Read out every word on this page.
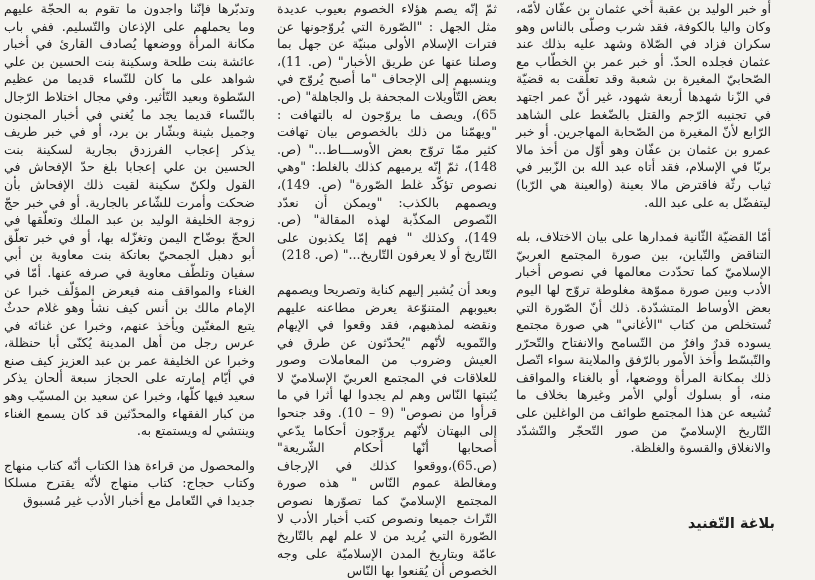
أو خبر الوليد بن عقبة أخي عثمان بن عفّان لأمّه، وكان واليا بالكوفة، فقد شرب وصلّى بالناس وهو سكران فزاد في الصّلاة وشهد عليه بذلك عند عثمان فجلده الحدّ. أو خبر عمر بن الخطّاب مع الصّحابيّ المغيرة بن شعبة وقد تعلّقت به قضيّة في الزّنا شهدها أربعة شهود، غير أنّ عمر اجتهد في تجنيبه الرّجم والقتل بالضّغط على الشاهد الرّابع لأنّ المغيرة من الصّحابة المهاجرين. أو خبر عمرو بن عثمان بن عفّان وهو أوّل من أخذ مالا بربّا في الإسلام، فقد أتاه عبد الله بن الزّبير في ثياب رثّة فاقترض مالا بعينة (والعينة هي الرّبا) ليتفضّل به على عبد الله.

أمّا القضيّة الثّانية فمدارها على بيان الاختلاف، بله التناقض والتّباين، بين صورة المجتمع العربيّ الإسلاميّ كما تحدّدت معالمها في نصوص أخبار الأدب وبين صورة مموّهة مغلوطة تروّج لها اليوم بعض الأوساط المتشدّدة. ذلك أنّ الصّورة التي تُستخلص من كتاب "الأغاني" هي صورة مجتمع يسوده قدرٌ وافرٌ من التّسامح والانفتاح والتّحرّر والتّبسّط وأخذ الأمور بالرّفق والملاينة سواء اتّصل ذلك بمكانة المرأة ووضعها، أو بالغناء والمواقف منه، أو بسلوك أولي الأمر وغيرها بخلاف ما تُشيعه عن هذا المجتمع طوائف من الواغلين على التّاريخ الإسلاميّ من صور التّحجّر والتّشدّد والانغلاق والقسوة والغلظة.

بلاغة التّفنيد

ثمّ إنّه يصم هؤلاء الخصوم بعيوب عديدة مثل الجهل : "الصّورة التي يُروّجونها عن فترات الإسلام الأولى مبنيّة عن جهل بما وصلنا عنها عن طريق الأخبار" (ص. 11)، وينسبهم إلى الإجحاف "ما أصبح يُروّج في بعض التّأويلات المجحفة بل والجاهلة" (ص. 65)، ويصف ما يروّجون له بالتهافت : "ويهمّنا من ذلك بالخصوص بيان تهافت كثير ممّا تروّج بعض الأوســـاط..." (ص. 148)، ثمّ إنّه يرميهم كذلك بالغلط: "وهي نصوص تؤكّد غلط الصّورة" (ص. 149)، ويصمهم بالكذب: "ويمكن أن نعدّد النّصوص المكذّبة لهذه المقالة" (ص. 149)، وكذلك " فهم إمّا يكذبون على التّاريخ أو لا يعرفون التّاريخ..." (ص. 218)

وبعد أن يُشير إليهم كناية وتصريحا ويصمهم بعيوبهم المتنوّعة يعرض مطاعنه عليهم ونقضه لمذهبهم، فقد وقعوا في الإيهام والتّمويه لأنّهم "يُحدّثون عن طرق في العيش وضروب من المعاملات وصور للعلاقات في المجتمع العربيّ الإسلاميّ لا يُثبتها النّاس وهم لم يجدوا لها أثرا في ما قرأوا من نصوص" (9 – 10). وقد جنحوا إلى البهتان لأنّهم يروّجون أحكاما يدّعي أصحابها أنّها أحكام الشّريعة" (ص.65)،ووقعوا كذلك في الإرجاف ومغالطة عموم النّاس " هذه صورة المجتمع الإسلاميّ كما تصوّرها نصوص التّراث جميعا ونصوص كتب أخبار الأدب لا الصّورة التي يُريد من لا علم لهم بالتّاريخ عامّة وبتاريخ المدن الإسلاميّة على وجه الخصوص أن يُقنعوا بها النّاس

وتدبّرها فإنّنا واجدون ما تقوم به الحجّة عليهم وما يحملهم على الإذعان والتّسليم. ففي باب مكانة المرأة ووضعها يُصادف القارئ في أخبار عائشة بنت طلحة وسكينة بنت الحسين بن علي شواهد على ما كان للنّساء قديما من عظيم السّطوة وبعيد التّأثير. وفي مجال اختلاط الرّجال بالنّساء قديما يجد ما يُغني في أخبار المجنون وجميل بثينة وبشّار بن برد، أو في خبر طريف يذكر إعجاب الفرزدق بجارية لسكينة بنت الحسين بن علي إعجابا بلغ حدّ الإفحاش في القول ولكنّ سكينة لقيت ذلك الإفحاش بأن ضحكت وأمرت للشّاعر بالجارية. أو في خبر حجّ زوجة الخليفة الوليد بن عبد الملك وتعلّقها في الحجّ بوضّاح اليمن وتغزّله بها، أو في خبر تعلّق أبو دهبل الجمحيّ بعاتكة بنت معاوية بن أبي سفيان وتلطّف معاوية في صرفه عنها. أمّا في الغناء والمواقف منه فيعرض المؤلّف خبرا عن الإمام مالك بن أنس كيف نشأ وهو غلام حدثٌ يتبع المغنّين ويأخذ عنهم، وخبرا عن غنائه في عرس رجل من أهل المدينة يُكنّى أبا حنظلة، وخبرا عن الخليفة عمر بن عبد العزيز كيف صنع في أيّام إمارته على الحجاز سبعة ألحان يذكر سعيد فيها كلّها، وخبرا عن سعيد بن المسيّب وهو من كبار الفقهاء والمحدّثين قد كان يسمع الغناء وينتشي له ويستمتع به.

والمحصول من قراءة هذا الكتاب أنّه كتاب منهاج وكتاب حجاج: كتاب منهاج لأنّه يقترح مسلكا جديدا في التّعامل مع أخبار الأدب غير مُسبوق
